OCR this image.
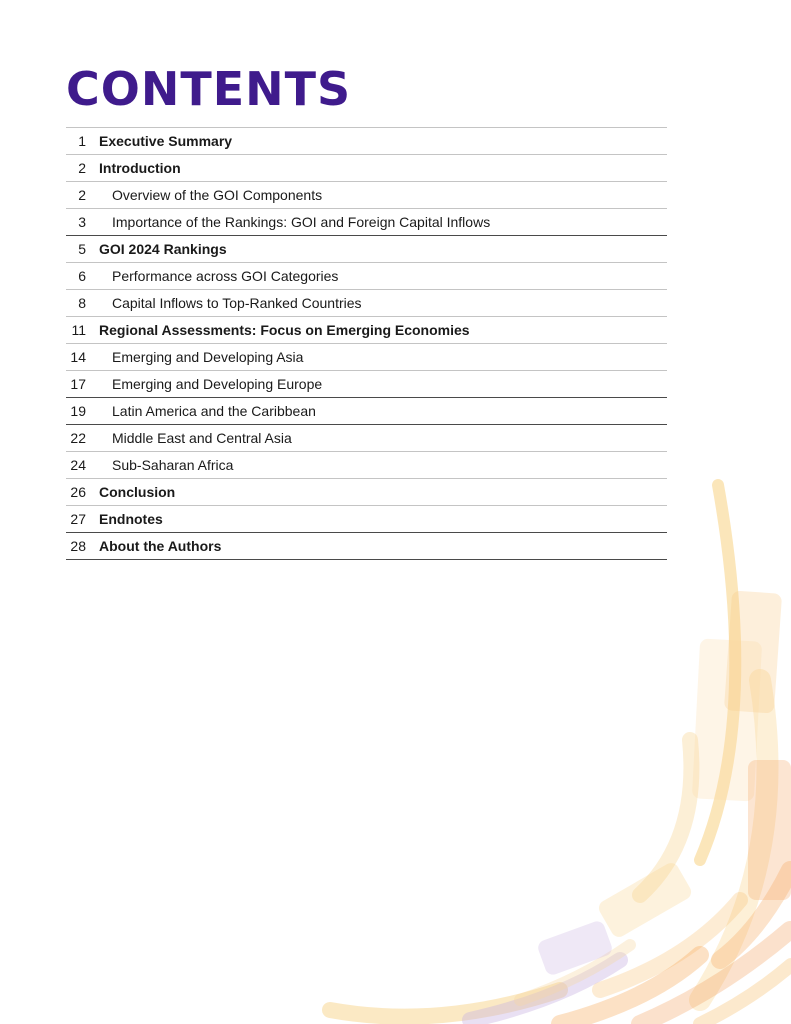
CONTENTS
1 Executive Summary
2 Introduction
2	Overview of the GOI Components
3	Importance of the Rankings: GOI and Foreign Capital Inflows
5 GOI 2024 Rankings
6	Performance across GOI Categories
8	Capital Inflows to Top-Ranked Countries
11 Regional Assessments: Focus on Emerging Economies
14	Emerging and Developing Asia
17	Emerging and Developing Europe
19	Latin America and the Caribbean
22	Middle East and Central Asia
24	Sub-Saharan Africa
26 Conclusion
27 Endnotes
28 About the Authors
